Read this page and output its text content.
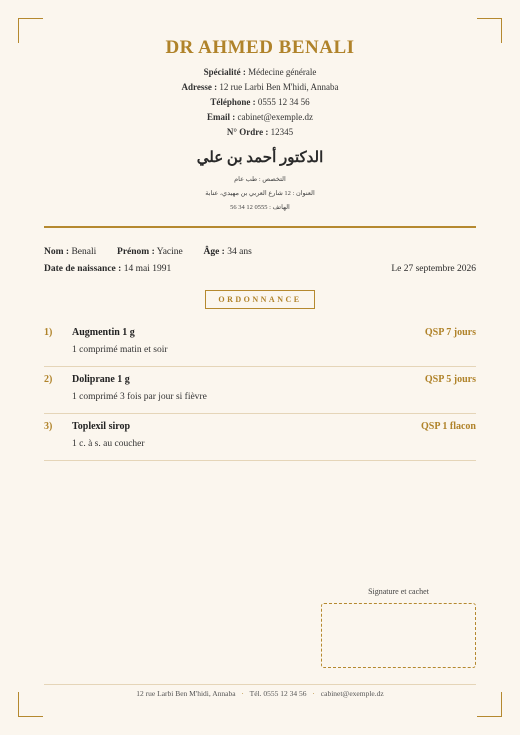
DR AHMED BENALI
Spécialité : Médecine générale
Adresse : 12 rue Larbi Ben M'hidi, Annaba
Téléphone : 0555 12 34 56
Email : cabinet@exemple.dz
N° Ordre : 12345
الدكتور أحمد بن علي
التخصص : طب عام
العنوان : 12 شارع العربي بن مهيدي، عنابة
الهاتف : 0555 12 34 56
Nom : Benali Prénom : Yacine Âge : 34 ans
Date de naissance : 14 mai 1991	Le 27 septembre 2026
ORDONNANCE
1) Augmentin 1 g	QSP 7 jours
1 comprimé matin et soir
2) Doliprane 1 g	QSP 5 jours
1 comprimé 3 fois par jour si fièvre
3) Toplexil sirop	QSP 1 flacon
1 c. à s. au coucher
Signature et cachet
12 rue Larbi Ben M'hidi, Annaba · Tél. 0555 12 34 56 · cabinet@exemple.dz
